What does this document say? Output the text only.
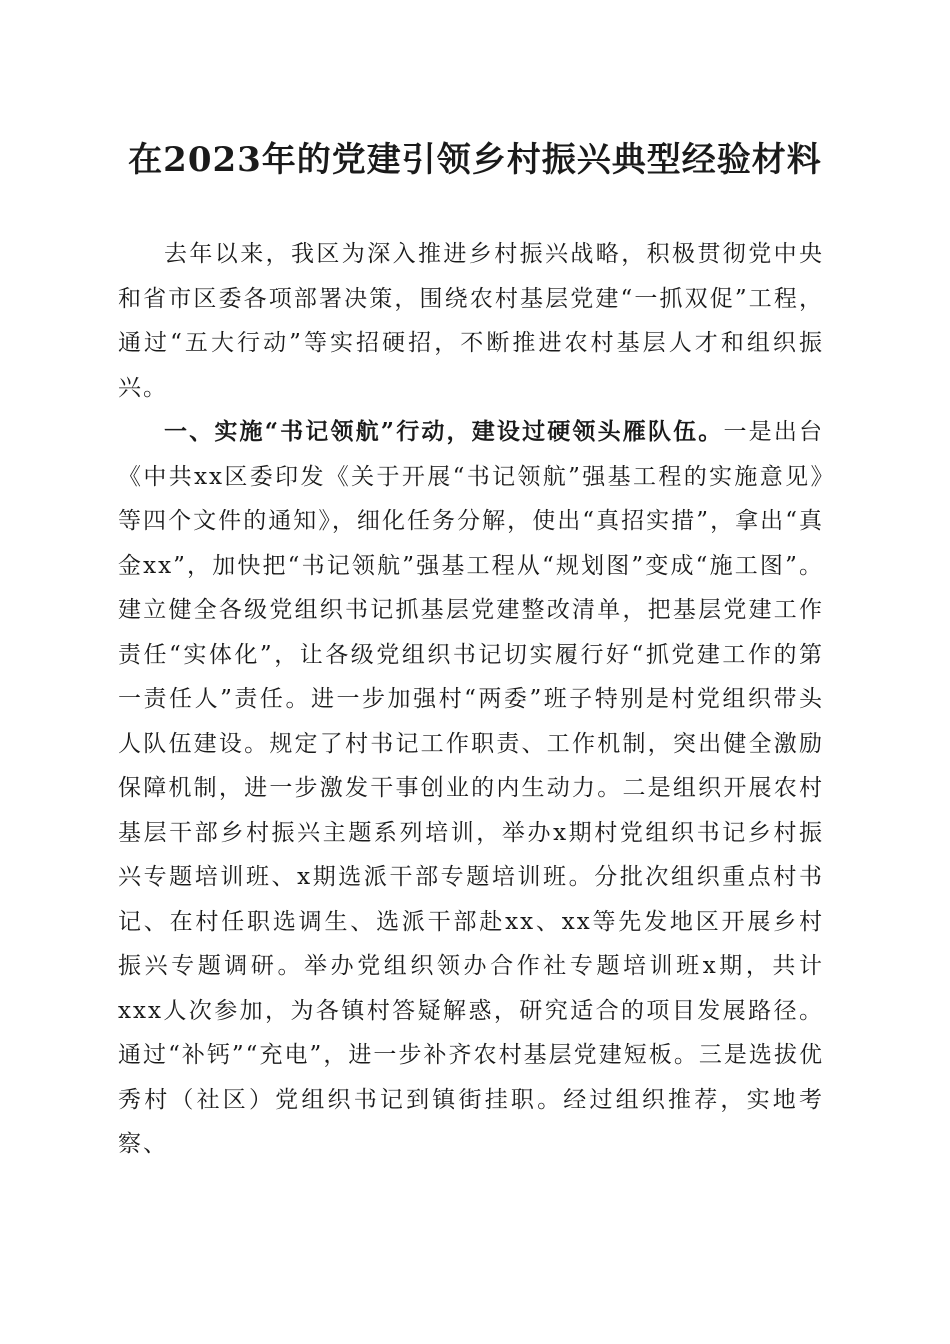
在2023年的党建引领乡村振兴典型经验材料

去年以来，我区为深入推进乡村振兴战略，积极贯彻党中央和省市区委各项部署决策，围绕农村基层党建“一抓双促”工程，通过“五大行动”等实招硬招，不断推进农村基层人才和组织振兴。

一、实施“书记领航”行动，建设过硬领头雁队伍。一是出台《中共xx区委印发《关于开展“书记领航”强基工程的实施意见》等四个文件的通知》，细化任务分解，使出“真招实措”，拿出“真金xx”，加快把“书记领航”强基工程从“规划图”变成“施工图”。建立健全各级党组织书记抓基层党建整改清单，把基层党建工作责任“实体化”，让各级党组织书记切实履行好“抓党建工作的第一责任人”责任。进一步加强村“两委”班子特别是村党组织带头人队伍建设。规定了村书记工作职责、工作机制，突出健全激励保障机制，进一步激发干事创业的内生动力。二是组织开展农村基层干部乡村振兴主题系列培训，举办x期村党组织书记乡村振兴专题培训班、x期选派干部专题培训班。分批次组织重点村书记、在村任职选调生、选派干部赴xx、xx等先发地区开展乡村振兴专题调研。举办党组织领办合作社专题培训班x期，共计xxx人次参加，为各镇村答疑解惑，研究适合的项目发展路径。通过“补钙”“充电”，进一步补齐农村基层党建短板。三是选拔优秀村（社区）党组织书记到镇街挂职。经过组织推荐，实地考察、
